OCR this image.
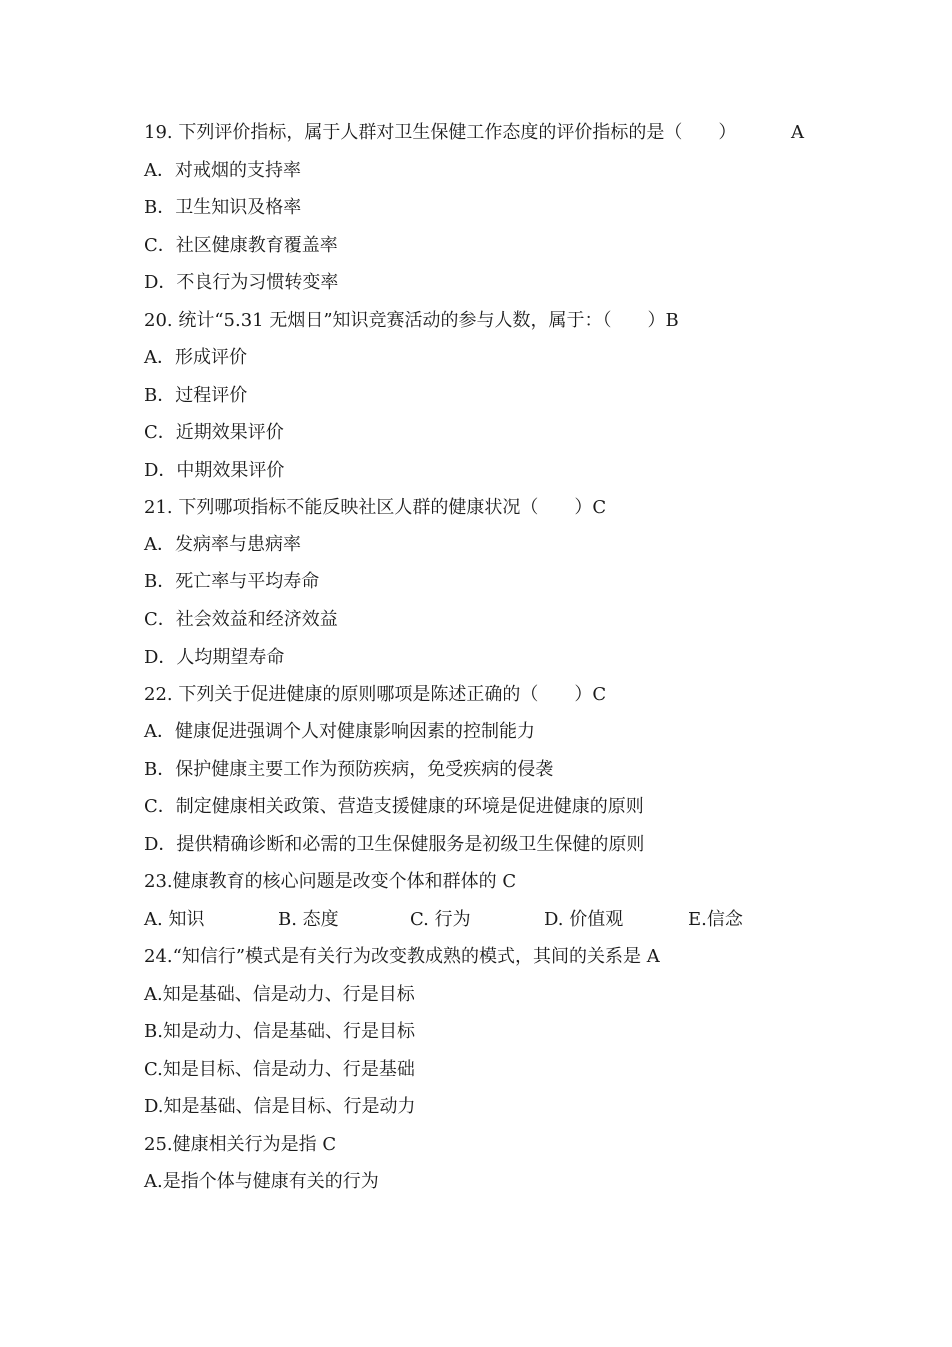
19. 下列评价指标，属于人群对卫生保健工作态度的评价指标的是（　　）	A
A．对戒烟的支持率
B．卫生知识及格率
C．社区健康教育覆盖率
D．不良行为习惯转变率
20. 统计“5.31 无烟日”知识竞赛活动的参与人数，属于：（　　）B
A．形成评价
B．过程评价
C．近期效果评价
D．中期效果评价
21. 下列哪项指标不能反映社区人群的健康状况（　　）C
A．发病率与患病率
B．死亡率与平均寿命
C．社会效益和经济效益
D．人均期望寿命
22. 下列关于促进健康的原则哪项是陈述正确的（　　）C
A．健康促进强调个人对健康影响因素的控制能力
B．保护健康主要工作为预防疾病，免受疾病的侵袭
C．制定健康相关政策、营造支援健康的环境是促进健康的原则
D．提供精确诊断和必需的卫生保健服务是初级卫生保健的原则
23.健康教育的核心问题是改变个体和群体的 C
A. 知识	B. 态度	C. 行为	D. 价值观	E.信念
24.“知信行”模式是有关行为改变教成熟的模式，其间的关系是 A
A.知是基础、信是动力、行是目标
B.知是动力、信是基础、行是目标
C.知是目标、信是动力、行是基础
D.知是基础、信是目标、行是动力
25.健康相关行为是指 C
A.是指个体与健康有关的行为
